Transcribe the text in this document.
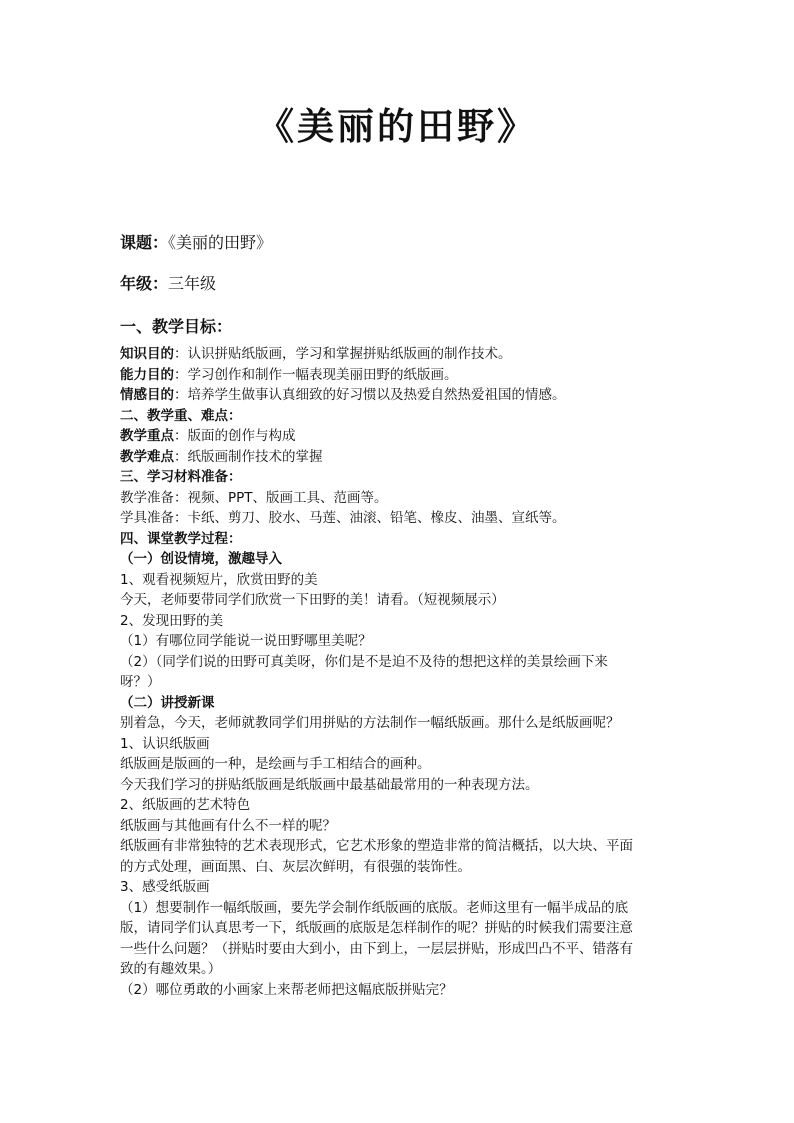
《美丽的田野》
课题：《美丽的田野》
年级：三年级
一、教学目标：
知识目的：认识拼贴纸版画，学习和掌握拼贴纸版画的制作技术。
能力目的：学习创作和制作一幅表现美丽田野的纸版画。
情感目的：培养学生做事认真细致的好习惯以及热爱自然热爱祖国的情感。
二、教学重、难点：
教学重点：版面的创作与构成
教学难点：纸版画制作技术的掌握
三、学习材料准备：
教学准备：视频、PPT、版画工具、范画等。
学具准备：卡纸、剪刀、胶水、马莲、油滚、铅笔、橡皮、油墨、宣纸等。
四、课堂教学过程：
（一）创设情境，激趣导入
1、观看视频短片，欣赏田野的美
今天，老师要带同学们欣赏一下田野的美！请看。（短视频展示）
2、发现田野的美
（1）有哪位同学能说一说田野哪里美呢？
（2）（同学们说的田野可真美呀，你们是不是迫不及待的想把这样的美景绘画下来
呀？）
（二）讲授新课
别着急，今天，老师就教同学们用拼贴的方法制作一幅纸版画。那什么是纸版画呢？
1、认识纸版画
纸版画是版画的一种，是绘画与手工相结合的画种。
今天我们学习的拼贴纸版画是纸版画中最基础最常用的一种表现方法。
2、纸版画的艺术特色
纸版画与其他画有什么不一样的呢？
纸版画有非常独特的艺术表现形式，它艺术形象的塑造非常的简洁概括，以大块、平面
的方式处理，画面黑、白、灰层次鲜明，有很强的装饰性。
3、感受纸版画
（1）想要制作一幅纸版画，要先学会制作纸版画的底版。老师这里有一幅半成品的底
版，请同学们认真思考一下，纸版画的底版是怎样制作的呢？拼贴的时候我们需要注意
一些什么问题？（拼贴时要由大到小，由下到上，一层层拼贴，形成凹凸不平、错落有
致的有趣效果。）
（2）哪位勇敢的小画家上来帮老师把这幅底版拼贴完？
